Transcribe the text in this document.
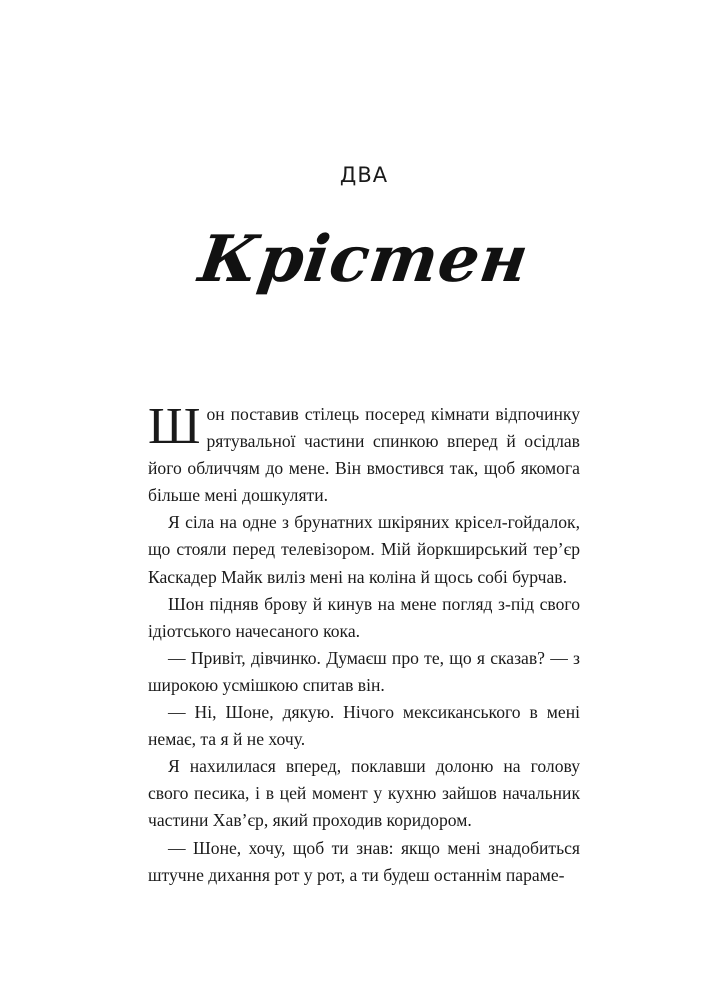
ДВА
Крістен

Шон поставив стілець посеред кімнати відпочинку рятувальної частини спинкою вперед й осідлав його обличчям до мене. Він вмостився так, щоб якомога більше мені дошкуляти.

Я сіла на одне з брунатних шкіряних крісел-гойдалок, що стояли перед телевізором. Мій йоркширський тер’єр Каскадер Майк виліз мені на коліна й щось собі бурчав.

Шон підняв брову й кинув на мене погляд з-під свого ідіотського начесаного кока.

— Привіт, дівчинко. Думаєш про те, що я сказав? — з широкою усмішкою спитав він.

— Ні, Шоне, дякую. Нічого мексиканського в мені немає, та я й не хочу.

Я нахилилася вперед, поклавши долоню на голову свого песика, і в цей момент у кухню зайшов начальник частини Хав’єр, який проходив коридором.

— Шоне, хочу, щоб ти знав: якщо мені знадобиться штучне дихання рот у рот, а ти будеш останнім параме-
